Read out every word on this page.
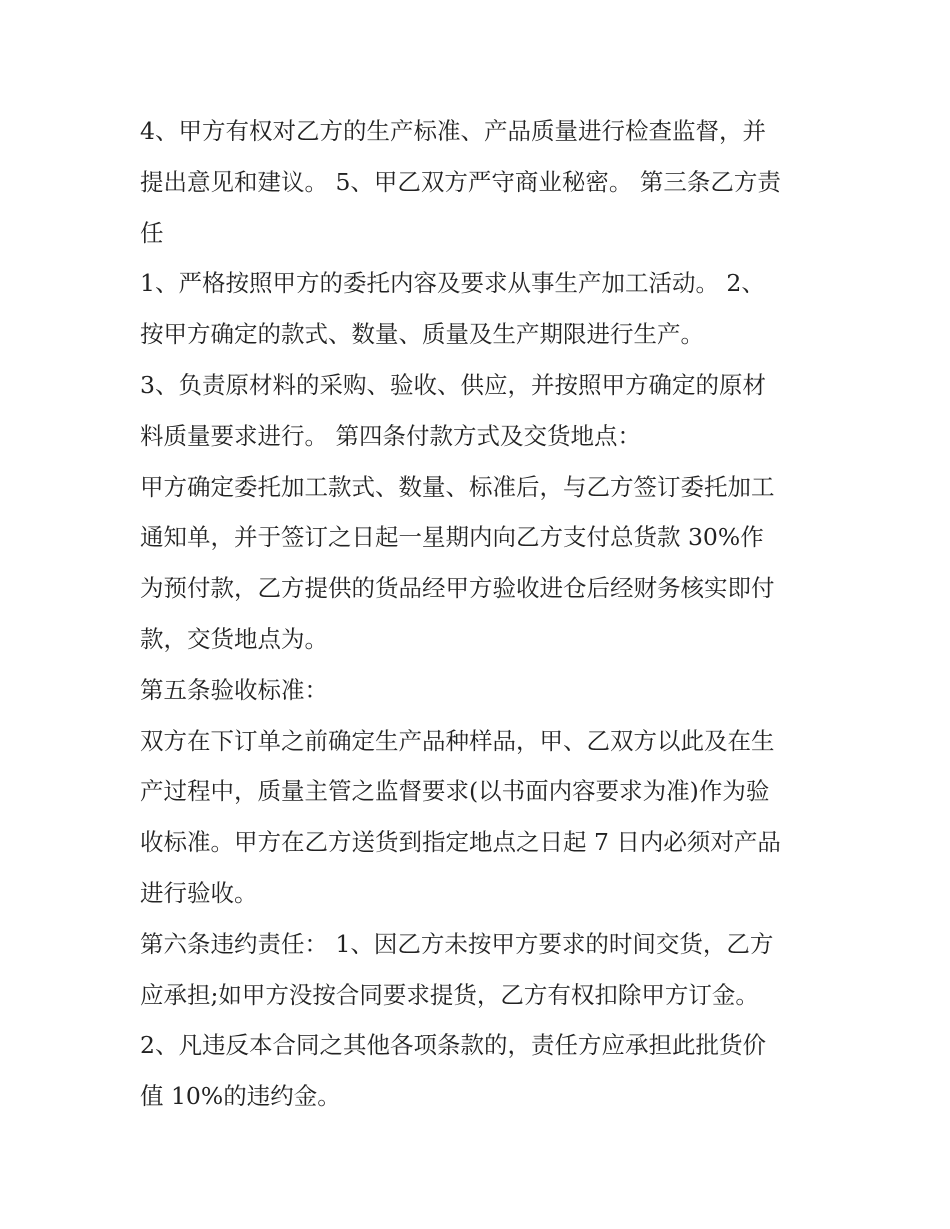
4、甲方有权对乙方的生产标准、产品质量进行检查监督，并
提出意见和建议。 5、甲乙双方严守商业秘密。 第三条乙方责
任
1、严格按照甲方的委托内容及要求从事生产加工活动。 2、
按甲方确定的款式、数量、质量及生产期限进行生产。
3、负责原材料的采购、验收、供应，并按照甲方确定的原材
料质量要求进行。 第四条付款方式及交货地点：
甲方确定委托加工款式、数量、标准后，与乙方签订委托加工
通知单，并于签订之日起一星期内向乙方支付总货款 30%作
为预付款，乙方提供的货品经甲方验收进仓后经财务核实即付
款，交货地点为。
第五条验收标准：
双方在下订单之前确定生产品种样品，甲、乙双方以此及在生
产过程中，质量主管之监督要求(以书面内容要求为准)作为验
收标准。甲方在乙方送货到指定地点之日起 7 日内必须对产品
进行验收。
第六条违约责任： 1、因乙方未按甲方要求的时间交货，乙方
应承担;如甲方没按合同要求提货，乙方有权扣除甲方订金。
2、凡违反本合同之其他各项条款的，责任方应承担此批货价
值 10%的违约金。
